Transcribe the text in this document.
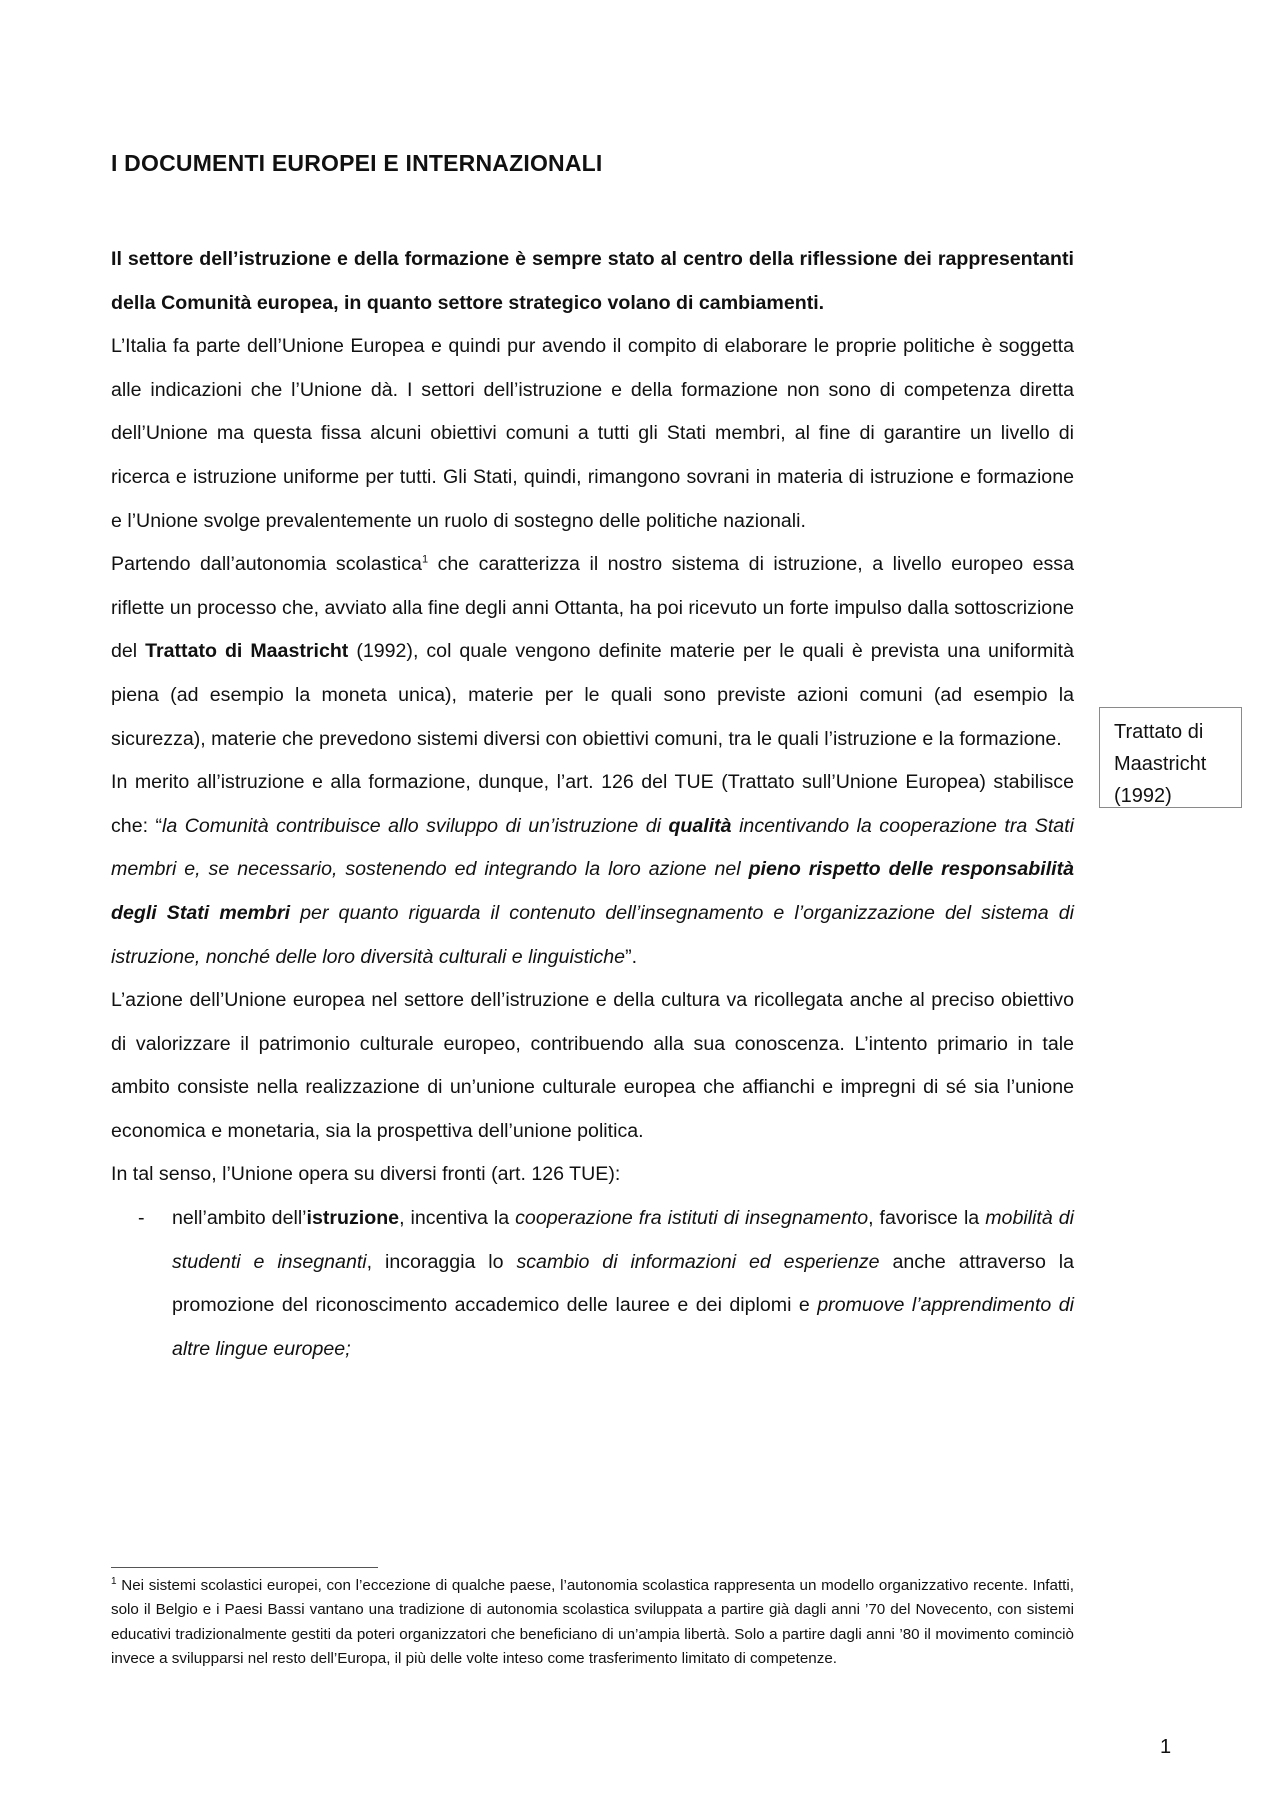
I DOCUMENTI EUROPEI E INTERNAZIONALI

Il settore dell’istruzione e della formazione è sempre stato al centro della riflessione dei rappresentanti della Comunità europea, in quanto settore strategico volano di cambiamenti.

L’Italia fa parte dell’Unione Europea e quindi pur avendo il compito di elaborare le proprie politiche è soggetta alle indicazioni che l’Unione dà. I settori dell’istruzione e della formazione non sono di competenza diretta dell’Unione ma questa fissa alcuni obiettivi comuni a tutti gli Stati membri, al fine di garantire un livello di ricerca e istruzione uniforme per tutti. Gli Stati, quindi, rimangono sovrani in materia di istruzione e formazione e l’Unione svolge prevalentemente un ruolo di sostegno delle politiche nazionali.

Partendo dall’autonomia scolastica$^1$ che caratterizza il nostro sistema di istruzione, a livello europeo essa riflette un processo che, avviato alla fine degli anni Ottanta, ha poi ricevuto un forte impulso dalla sottoscrizione del Trattato di Maastricht (1992), col quale vengono definite materie per le quali è prevista una uniformità piena (ad esempio la moneta unica), materie per le quali sono previste azioni comuni (ad esempio la sicurezza), materie che prevedono sistemi diversi con obiettivi comuni, tra le quali l’istruzione e la formazione.

In merito all’istruzione e alla formazione, dunque, l’art. 126 del TUE (Trattato sull’Unione Europea) stabilisce che: “la Comunità contribuisce allo sviluppo di un’istruzione di qualità incentivando la cooperazione tra Stati membri e, se necessario, sostenendo ed integrando la loro azione nel pieno rispetto delle responsabilità degli Stati membri per quanto riguarda il contenuto dell’insegnamento e l’organizzazione del sistema di istruzione, nonché delle loro diversità culturali e linguistiche”.

L’azione dell’Unione europea nel settore dell’istruzione e della cultura va ricollegata anche al preciso obiettivo di valorizzare il patrimonio culturale europeo, contribuendo alla sua conoscenza. L’intento primario in tale ambito consiste nella realizzazione di un’unione culturale europea che affianchi e impregni di sé sia l’unione economica e monetaria, sia la prospettiva dell’unione politica.

In tal senso, l’Unione opera su diversi fronti (art. 126 TUE):

- nell’ambito dell’istruzione, incentiva la cooperazione fra istituti di insegnamento, favorisce la mobilità di studenti e insegnanti, incoraggia lo scambio di informazioni ed esperienze anche attraverso la promozione del riconoscimento accademico delle lauree e dei diplomi e promuove l’apprendimento di altre lingue europee;
Trattato di Maastricht (1992)
$^1$ Nei sistemi scolastici europei, con l’eccezione di qualche paese, l’autonomia scolastica rappresenta un modello organizzativo recente. Infatti, solo il Belgio e i Paesi Bassi vantano una tradizione di autonomia scolastica sviluppata a partire già dagli anni ’70 del Novecento, con sistemi educativi tradizionalmente gestiti da poteri organizzatori che beneficiano di un’ampia libertà. Solo a partire dagli anni ’80 il movimento cominciò invece a svilupparsi nel resto dell’Europa, il più delle volte inteso come trasferimento limitato di competenze.
1
